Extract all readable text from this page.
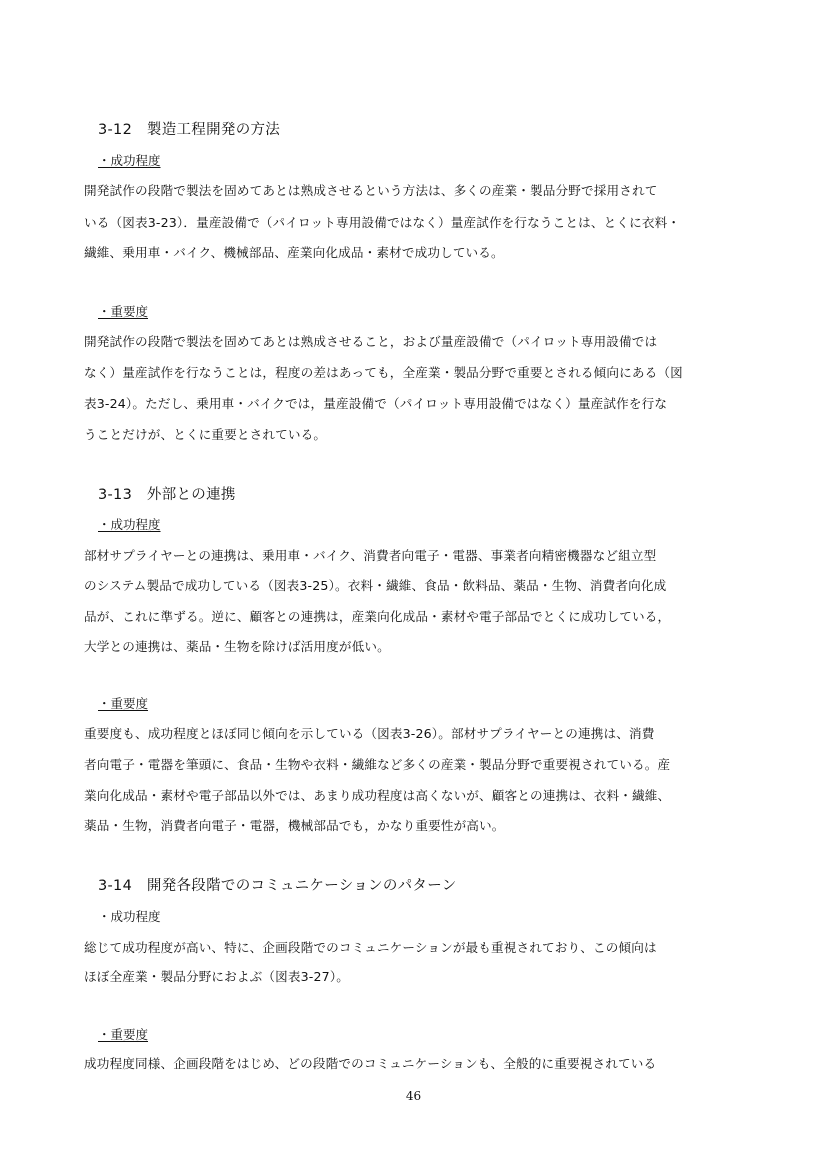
3-12　製造工程開発の方法
・成功程度
開発試作の段階で製法を固めてあとは熟成させるという方法は、多くの産業・製品分野で採用されて
いる（図表3-23）．量産設備で（パイロット専用設備ではなく）量産試作を行なうことは、とくに衣料・
繊維、乗用車・バイク、機械部品、産業向化成品・素材で成功している。
・重要度
開発試作の段階で製法を固めてあとは熟成させること，および量産設備で（パイロット専用設備では
なく）量産試作を行なうことは，程度の差はあっても，全産業・製品分野で重要とされる傾向にある（図
表3-24）。ただし、乗用車・バイクでは，量産設備で（パイロット専用設備ではなく）量産試作を行な
うことだけが、とくに重要とされている。
3-13　外部との連携
・成功程度
部材サプライヤーとの連携は、乗用車・バイク、消費者向電子・電器、事業者向精密機器など組立型
のシステム製品で成功している（図表3-25）。衣料・繊維、食品・飲料品、薬品・生物、消費者向化成
品が、これに準ずる。逆に、顧客との連携は，産業向化成品・素材や電子部品でとくに成功している，
大学との連携は、薬品・生物を除けば活用度が低い。
・重要度
重要度も、成功程度とほぼ同じ傾向を示している（図表3-26）。部材サプライヤーとの連携は、消費
者向電子・電器を筆頭に、食品・生物や衣料・繊維など多くの産業・製品分野で重要視されている。産
業向化成品・素材や電子部品以外では、あまり成功程度は高くないが、顧客との連携は、衣料・繊維、
薬品・生物，消費者向電子・電器，機械部品でも，かなり重要性が高い。
3-14　開発各段階でのコミュニケーションのパターン
・成功程度
総じて成功程度が高い、特に、企画段階でのコミュニケーションが最も重視されており、この傾向は
ほぼ全産業・製品分野におよぶ（図表3-27）。
・重要度
成功程度同様、企画段階をはじめ、どの段階でのコミュニケーションも、全般的に重要視されている
46
